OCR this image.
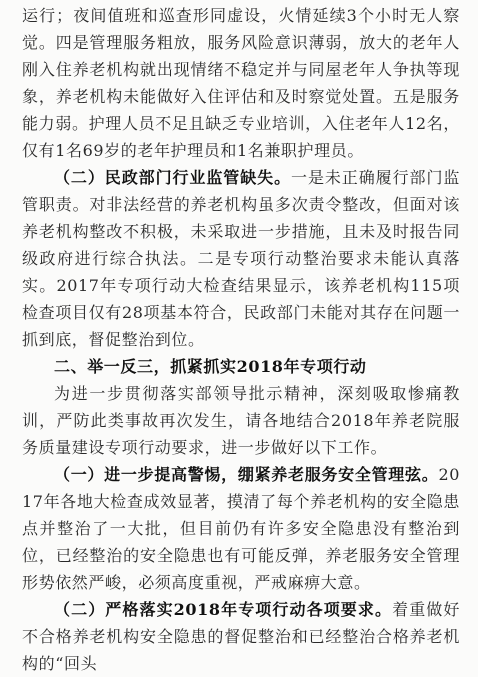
运行；夜间值班和巡查形同虚设，火情延续3个小时无人察觉。四是管理服务粗放，服务风险意识薄弱，放大的老年人刚入住养老机构就出现情绪不稳定并与同屋老年人争执等现象，养老机构未能做好入住评估和及时察觉处置。五是服务能力弱。护理人员不足且缺乏专业培训，入住老年人12名，仅有1名69岁的老年护理员和1名兼职护理员。

（二）民政部门行业监管缺失。一是未正确履行部门监管职责。对非法经营的养老机构虽多次责令整改，但面对该养老机构整改不积极，未采取进一步措施，且未及时报告同级政府进行综合执法。二是专项行动整治要求未能认真落实。2017年专项行动大检查结果显示，该养老机构115项检查项目仅有28项基本符合，民政部门未能对其存在问题一抓到底，督促整治到位。

二、举一反三，抓紧抓实2018年专项行动

为进一步贯彻落实部领导批示精神，深刻吸取惨痛教训，严防此类事故再次发生，请各地结合2018年养老院服务质量建设专项行动要求，进一步做好以下工作。

（一）进一步提高警惕，绷紧养老服务安全管理弦。2017年各地大检查成效显著，摸清了每个养老机构的安全隐患点并整治了一大批，但目前仍有许多安全隐患没有整治到位，已经整治的安全隐患也有可能反弹，养老服务安全管理形势依然严峻，必须高度重视，严戒麻痹大意。

（二）严格落实2018年专项行动各项要求。着重做好不合格养老机构安全隐患的督促整治和已经整治合格养老机构的“回头
